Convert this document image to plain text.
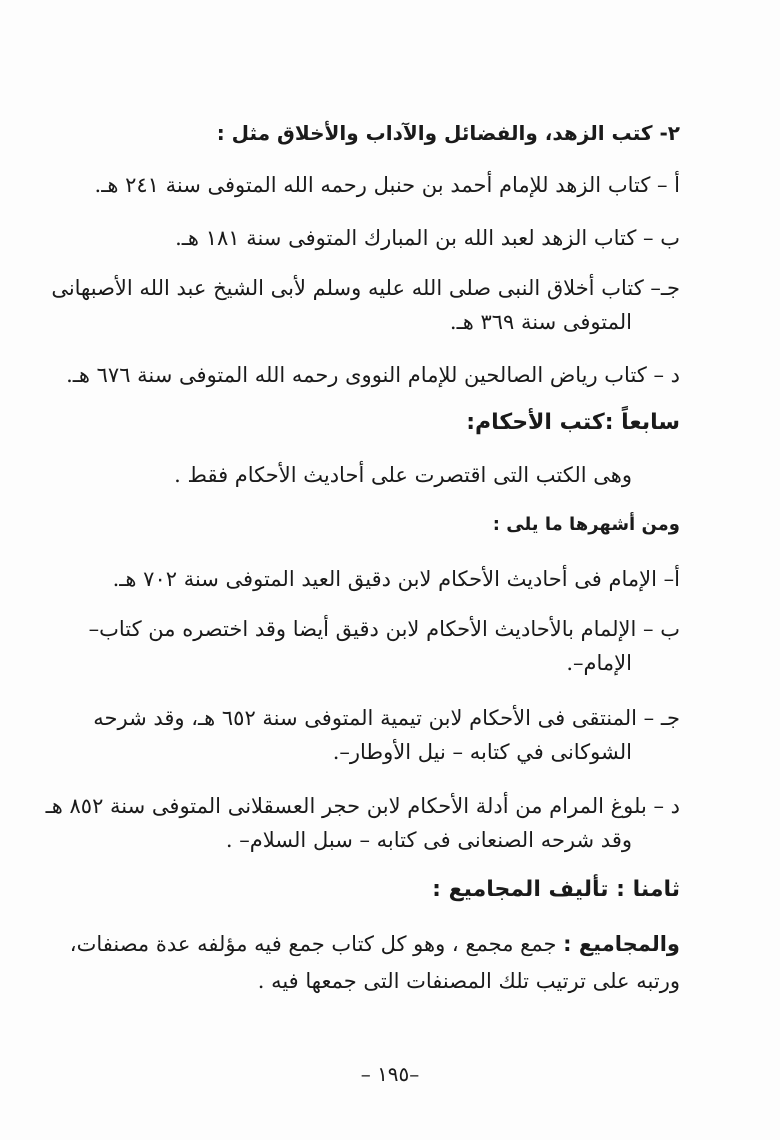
٢- كتب الزهد، والفضائل والآداب والأخلاق مثل :
أ – كتاب الزهد للإمام أحمد بن حنبل رحمه الله المتوفى سنة ٢٤١ هـ.
ب – كتاب الزهد لعبد الله بن المبارك المتوفى سنة ١٨١ هـ.
جـ– كتاب أخلاق النبى صلى الله عليه وسلم لأبى الشيخ عبد الله الأصبهانى
المتوفى سنة ٣٦٩ هـ.
د – كتاب رياض الصالحين للإمام النووى رحمه الله المتوفى سنة ٦٧٦ هـ.
سابعاً :كتب الأحكام:
وهى الكتب التى اقتصرت على أحاديث الأحكام فقط .
ومن أشهرها ما يلى :
أ– الإمام فى أحاديث الأحكام لابن دقيق العيد المتوفى سنة ٧٠٢ هـ.
ب – الإلمام بالأحاديث الأحكام لابن دقيق أيضا وقد اختصره من كتاب–
الإمام–.
جـ – المنتقى فى الأحكام لابن تيمية المتوفى سنة ٦٥٢ هـ، وقد شرحه
الشوكانى في كتابه – نيل الأوطار–.
د – بلوغ المرام من أدلة الأحكام لابن حجر العسقلانى المتوفى سنة ٨٥٢ هـ
وقد شرحه الصنعانى فى كتابه – سبل السلام– .
ثامنا : تأليف المجاميع :
والمجاميع : جمع مجمع ، وهو كل كتاب جمع فيه مؤلفه عدة مصنفات،
ورتبه على ترتيب تلك المصنفات التى جمعها فيه .
–١٩٥ –
